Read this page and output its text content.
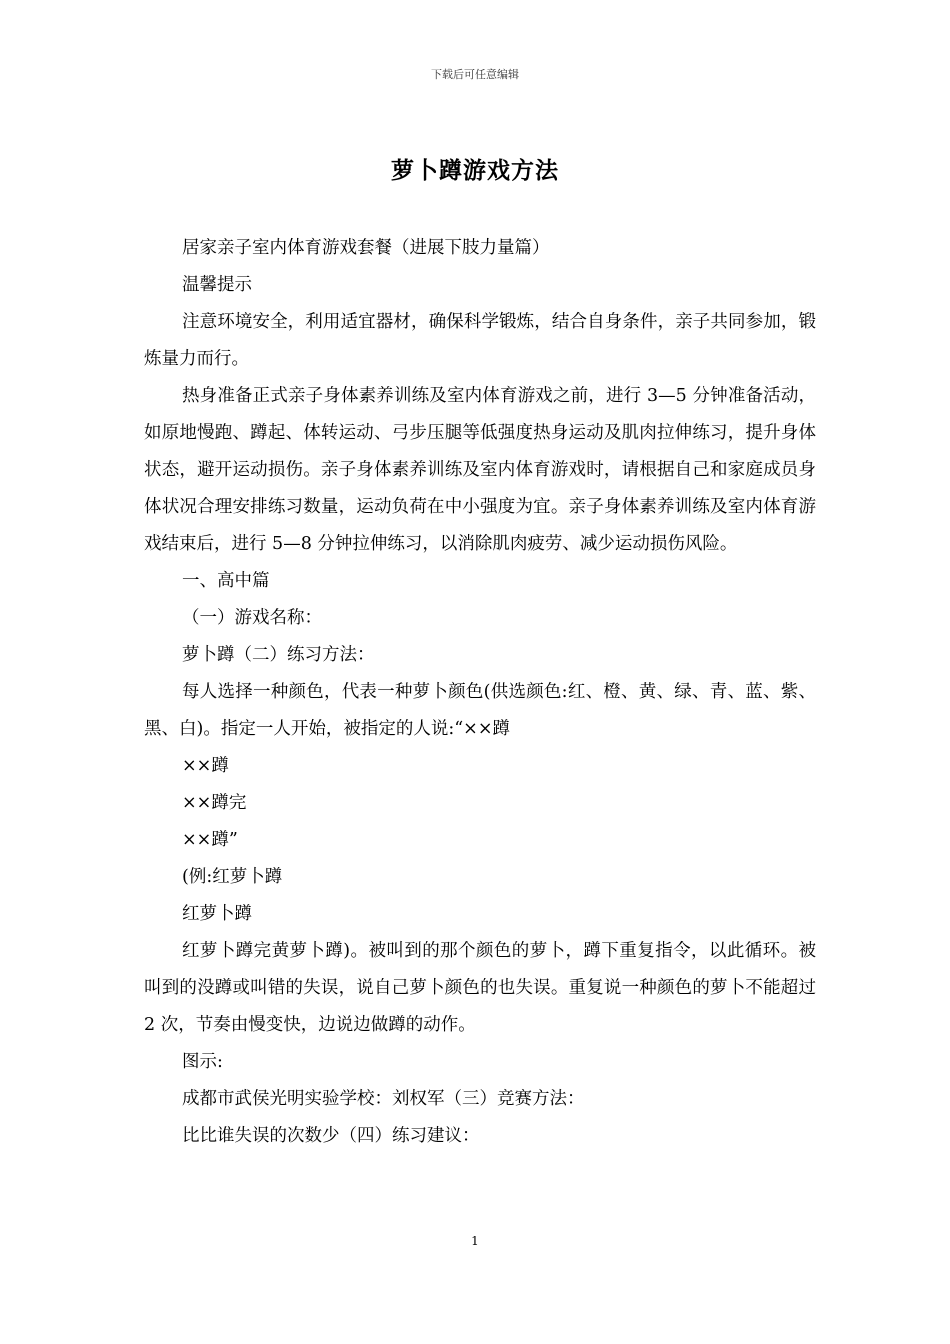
下载后可任意编辑
萝卜蹲游戏方法

居家亲子室内体育游戏套餐（进展下肢力量篇）

温馨提示

注意环境安全，利用适宜器材，确保科学锻炼，结合自身条件，亲子共同参加，锻炼量力而行。

热身准备正式亲子身体素养训练及室内体育游戏之前，进行 3—5 分钟准备活动，如原地慢跑、蹲起、体转运动、弓步压腿等低强度热身运动及肌肉拉伸练习，提升身体状态，避开运动损伤。亲子身体素养训练及室内体育游戏时，请根据自己和家庭成员身体状况合理安排练习数量，运动负荷在中小强度为宜。亲子身体素养训练及室内体育游戏结束后，进行 5—8 分钟拉伸练习，以消除肌肉疲劳、减少运动损伤风险。

一、高中篇

（一）游戏名称：

萝卜蹲（二）练习方法：

每人选择一种颜色，代表一种萝卜颜色(供选颜色:红、橙、黄、绿、青、蓝、紫、黑、白)。指定一人开始，被指定的人说:“××蹲

××蹲

××蹲完

××蹲”

(例:红萝卜蹲

红萝卜蹲

红萝卜蹲完黄萝卜蹲)。被叫到的那个颜色的萝卜，蹲下重复指令，以此循环。被叫到的没蹲或叫错的失误，说自己萝卜颜色的也失误。重复说一种颜色的萝卜不能超过 2 次，节奏由慢变快，边说边做蹲的动作。

图示:

成都市武侯光明实验学校：刘权军（三）竞赛方法：

比比谁失误的次数少（四）练习建议：

1
